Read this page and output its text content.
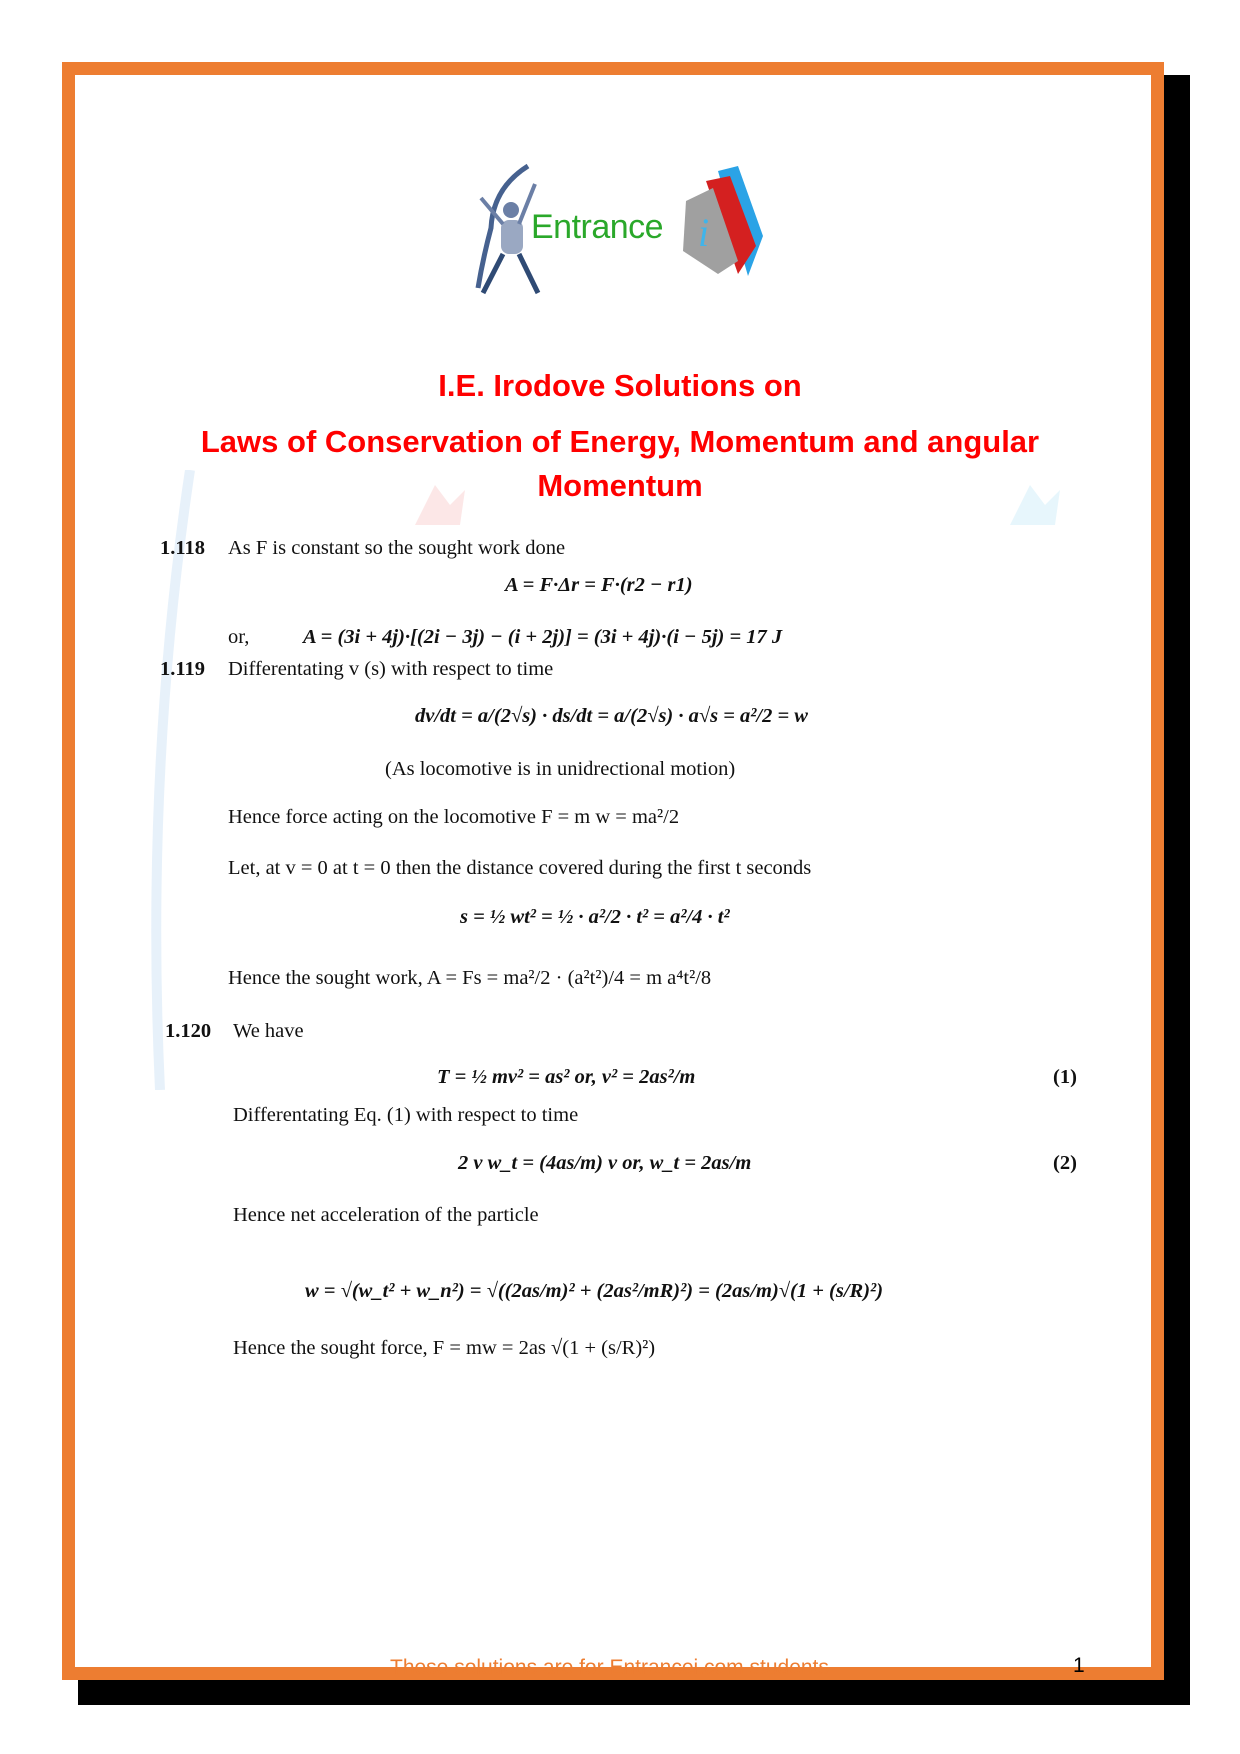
Entrance i
I.E. Irodove Solutions on
Laws of Conservation of Energy, Momentum and angular
Momentum
1.118 As F is constant so the sought work done
A = F·Δr = F·(r2 − r1)
or,	A = (3i + 4j)·[(2i − 3j) − (i + 2j)] = (3i + 4j)·(i − 5j) = 17 J
1.119 Differentating v (s) with respect to time
dv/dt = a/(2√s) · ds/dt = a/(2√s) · a√s = a²/2 = w
(As locomotive is in unidrectional motion)
Hence force acting on the locomotive F = m w = ma²/2
Let, at v = 0 at t = 0 then the distance covered during the first t seconds
s = ½ wt² = ½ · a²/2 · t² = a²/4 · t²
Hence the sought work, A = Fs = ma²/2 · (a²t²)/4 = m a⁴t²/8
1.120 We have
T = ½ mv² = as² or, v² = 2as²/m	(1)
Differentating Eq. (1) with respect to time
2 v w_t = (4as/m) v or, w_t = 2as/m	(2)
Hence net acceleration of the particle
w = √(w_t² + w_n²) = √((2as/m)² + (2as²/mR)²) = (2as/m)√(1 + (s/R)²)
Hence the sought force, F = mw = 2as √(1 + (s/R)²)
These solutions are for Entrancei.com students	1
